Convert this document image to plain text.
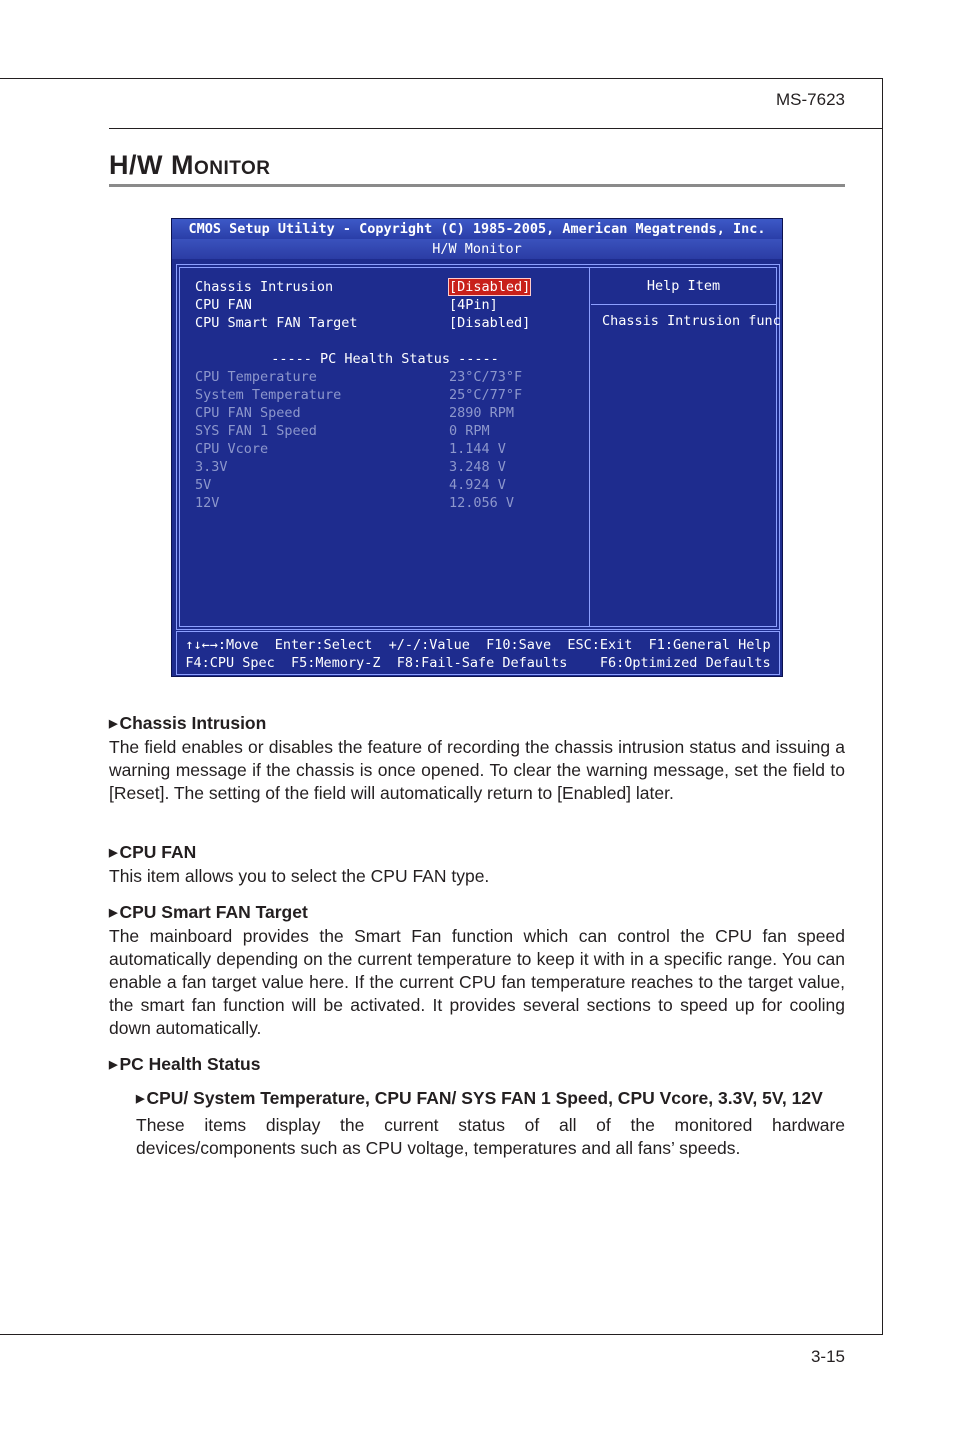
MS-7623
H/W Monitor
CMOS Setup Utility - Copyright (C) 1985-2005, American Megatrends, Inc.
H/W Monitor
Chassis Intrusion	[Disabled]
CPU FAN	[4Pin]
CPU Smart FAN Target	[Disabled]
----- PC Health Status -----
CPU Temperature	23°C/73°F
System Temperature	25°C/77°F
CPU FAN Speed	2890 RPM
SYS FAN 1 Speed	0 RPM
CPU Vcore	1.144 V
3.3V	3.248 V
5V	4.924 V
12V	12.056 V
Help Item
Chassis Intrusion func
↑↓←→:Move  Enter:Select  +/-/:Value  F10:Save  ESC:Exit  F1:General Help
F4:CPU Spec  F5:Memory-Z  F8:Fail-Safe Defaults    F6:Optimized Defaults
▶ Chassis Intrusion

The field enables or disables the feature of recording the chassis intrusion status and issuing a warning message if the chassis is once opened. To clear the warning message, set the field to [Reset]. The setting of the field will automatically return to [Enabled] later.

▶ CPU FAN

This item allows you to select the CPU FAN type.

▶ CPU Smart FAN Target

The mainboard provides the Smart Fan function which can control the CPU fan speed automatically depending on the current temperature to keep it with in a specific range. You can enable a fan target value here. If the current CPU fan temperature reaches to the target value, the smart fan function will be activated. It provides several sections to speed up for cooling down automatically.

▶ PC Health Status
▶ CPU/ System Temperature, CPU FAN/ SYS FAN 1 Speed, CPU Vcore, 3.3V, 5V, 12V

These items display the current status of all of the monitored hardware devices/components such as CPU voltage, temperatures and all fans’ speeds.

3-15
